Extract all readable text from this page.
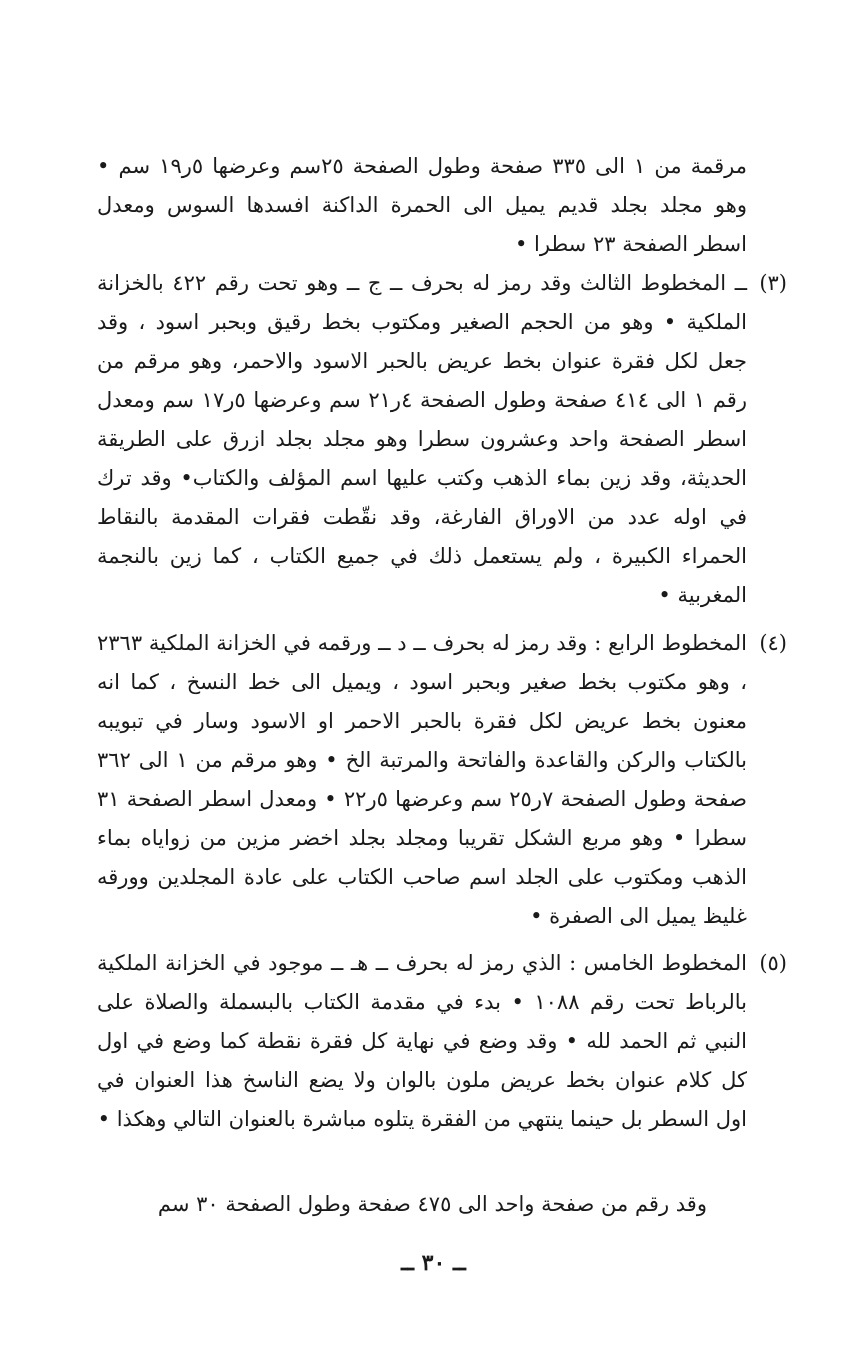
مرقمة من ١ الى ٣٣٥ صفحة وطول الصفحة ٢٥سم وعرضها ٥ر١٩ سم • وهو مجلد بجلد قديم يميل الى الحمرة الداكنة افسدها السوس ومعدل اسطر الصفحة ٢٣ سطرا •
(٣)
ــ المخطوط الثالث وقد رمز له بحرف ــ ج ــ وهو تحت رقم ٤٢٢ بالخزانة الملكية • وهو من الحجم الصغير ومكتوب بخط رقيق وبحبر اسود ، وقد جعل لكل فقرة عنوان بخط عريض بالحبر الاسود والاحمر، وهو مرقم من رقم ١ الى ٤١٤ صفحة وطول الصفحة ٤ر٢١ سم وعرضها ٥ر١٧ سم ومعدل اسطر الصفحة واحد وعشرون سطرا وهو مجلد بجلد ازرق على الطريقة الحديثة، وقد زين بماء الذهب وكتب عليها اسم المؤلف والكتاب• وقد ترك في اوله عدد من الاوراق الفارغة، وقد نقّطت فقرات المقدمة بالنقاط الحمراء الكبيرة ، ولم يستعمل ذلك في جميع الكتاب ، كما زين بالنجمة المغربية •
(٤)
المخطوط الرابع : وقد رمز له بحرف ــ د ــ ورقمه في الخزانة الملكية ٢٣٦٣ ، وهو مكتوب بخط صغير وبحبر اسود ، ويميل الى خط النسخ ، كما انه معنون بخط عريض لكل فقرة بالحبر الاحمر او الاسود وسار في تبويبه بالكتاب والركن والقاعدة والفاتحة والمرتبة الخ • وهو مرقم من ١ الى ٣٦٢ صفحة وطول الصفحة ٧ر٢٥ سم وعرضها ٥ر٢٢ • ومعدل اسطر الصفحة ٣١ سطرا • وهو مربع الشكل تقريبا ومجلد بجلد اخضر مزين من زواياه بماء الذهب ومكتوب على الجلد اسم صاحب الكتاب على عادة المجلدين وورقه غليظ يميل الى الصفرة •
(٥)
المخطوط الخامس : الذي رمز له بحرف ــ هـ ــ موجود في الخزانة الملكية بالرباط تحت رقم ١٠٨٨ • بدء في مقدمة الكتاب بالبسملة والصلاة على النبي ثم الحمد لله • وقد وضع في نهاية كل فقرة نقطة كما وضع في اول كل كلام عنوان بخط عريض ملون بالوان ولا يضع الناسخ هذا العنوان في اول السطر بل حينما ينتهي من الفقرة يتلوه مباشرة بالعنوان التالي وهكذا •
وقد رقم من صفحة واحد الى ٤٧٥ صفحة وطول الصفحة ٣٠ سم
ــ ٣٠ ــ
